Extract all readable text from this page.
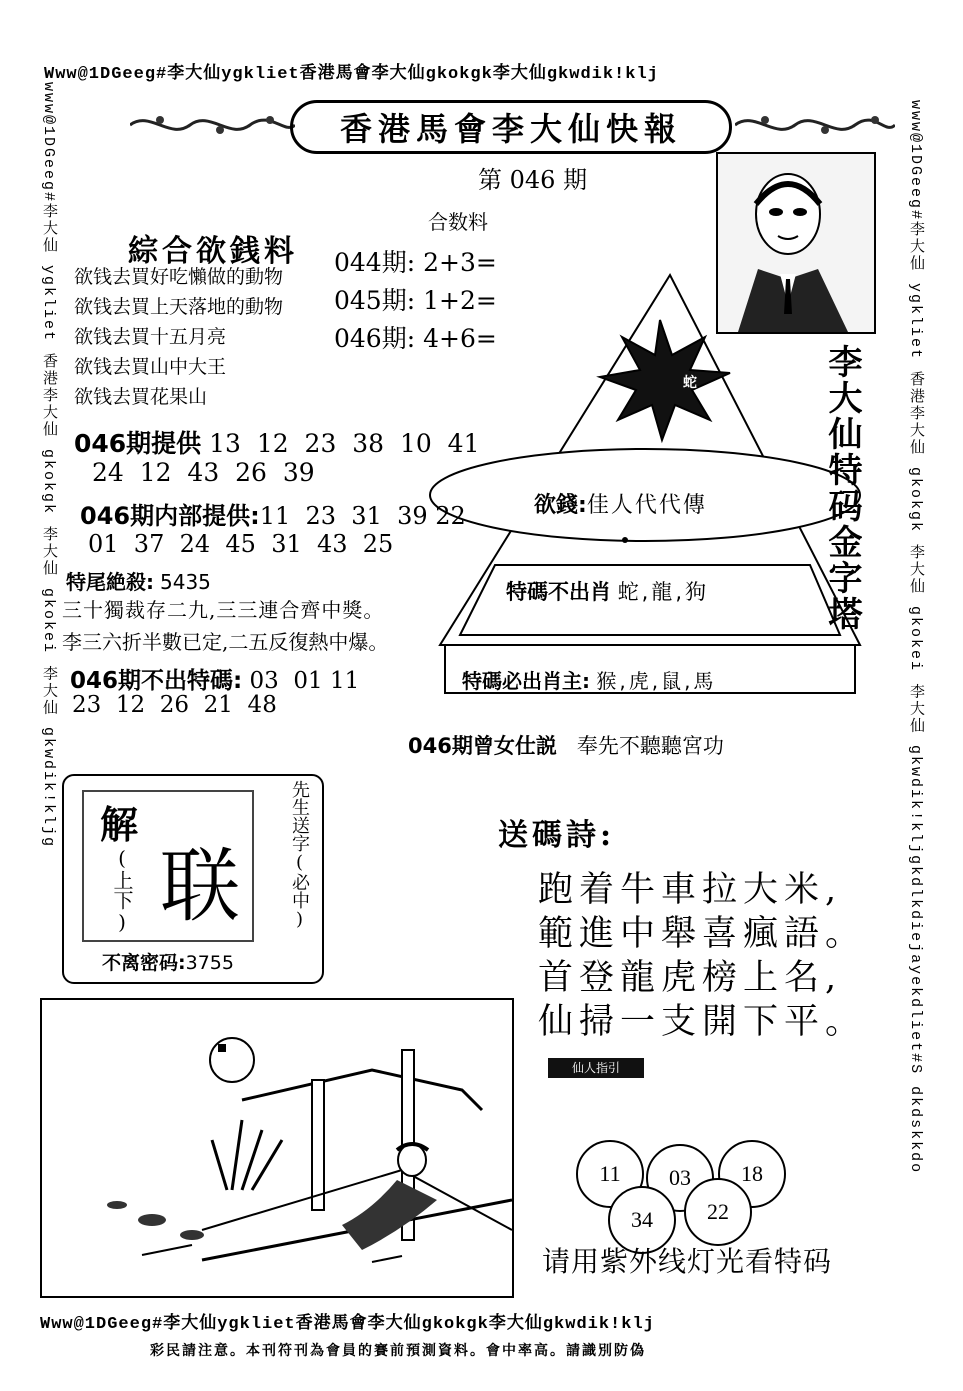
Www@1DGeeg#李大仙ygkliet香港馬會李大仙gkokgk李大仙gkwdik!klj
www@1DGeeg#李大仙 ygkliet 香港李大仙 gkokgk 李大仙 gkokei 李大仙 gkwdik!kljg	www@1DGeeg#李大仙 ygkliet 香港李大仙 gkokgk 李大仙 gkokei 李大仙 gkwdik!kljgkdlkdiejayekdliet#S dkdskkdo
Www@1DGeeg#李大仙ygkliet香港馬會李大仙gkokgk李大仙gkwdik!klj
香港馬會李大仙快報
第 046 期
合数料
綜合欲銭料
欲钱去買好吃懶做的動物
欲钱去買上天落地的動物
欲钱去買十五月亮
欲钱去買山中大王
欲钱去買花果山
044期: 2+3=
045期: 1+2=
046期: 4+6=
蛇	李大仙特码金字塔
欲錢:佳人代代傳
特碼不出肖 蛇,龍,狗
特碼必出肖主: 猴,虎,鼠,馬
046期提供 13  12  23  38  10  41
24  12  43  26  39
046期内部提供:11  23  31  39 22
01  37  24  45  31  43  25
特尾絶殺: 5435
三十獨裁存二九,三三連合齊中獎。
李三六折半數已定,二五反復熱中爆。
046期不出特碼: 03  01 11
23  12  26  21  48
046期曾女仕説 奉先不聽聽宮功
解
(上下) 联	先生送字(必中)
不离密码:3755
送碼詩:
跑着牛車拉大米,
範進中舉喜瘋語。
首登龍虎榜上名,
仙掃一支開下平。
仙人指引
11	03	18
34	22
请用紫外线灯光看特码
彩民請注意。本刊符刊為會員的賽前預測資料。會中率高。請識別防偽
